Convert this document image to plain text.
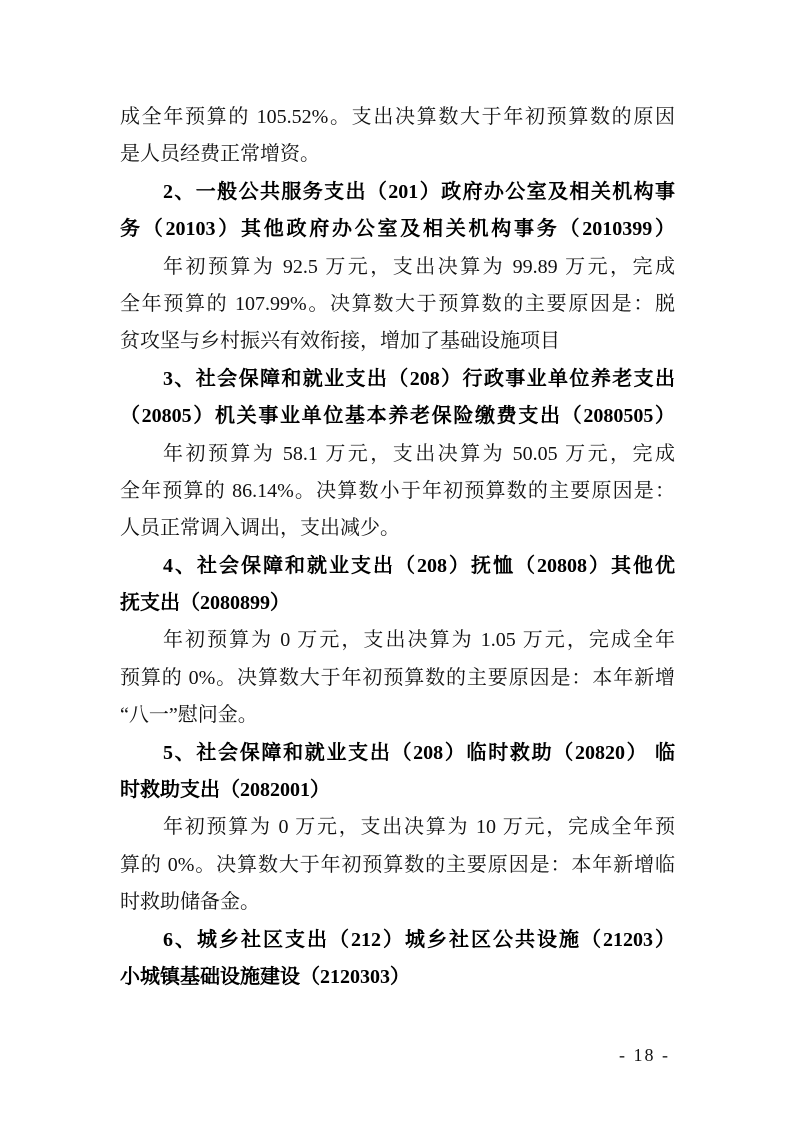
成全年预算的 105.52%。支出决算数大于年初预算数的原因
是人员经费正常增资。
2、一般公共服务支出（201）政府办公室及相关机构事
务（20103）其他政府办公室及相关机构事务（2010399）
年初预算为 92.5 万元，支出决算为 99.89 万元，完成
全年预算的 107.99%。决算数大于预算数的主要原因是：脱
贫攻坚与乡村振兴有效衔接，增加了基础设施项目
3、社会保障和就业支出（208）行政事业单位养老支出
（20805）机关事业单位基本养老保险缴费支出（2080505）
年初预算为 58.1 万元，支出决算为 50.05 万元，完成
全年预算的 86.14%。决算数小于年初预算数的主要原因是：
人员正常调入调出，支出减少。
4、社会保障和就业支出（208）抚恤（20808）其他优
抚支出（2080899）
年初预算为 0 万元，支出决算为 1.05 万元，完成全年
预算的 0%。决算数大于年初预算数的主要原因是：本年新增
“八一”慰问金。
5、社会保障和就业支出（208）临时救助（20820） 临
时救助支出（2082001）
年初预算为 0 万元，支出决算为 10 万元，完成全年预
算的 0%。决算数大于年初预算数的主要原因是：本年新增临
时救助储备金。
6、城乡社区支出（212）城乡社区公共设施（21203）
小城镇基础设施建设（2120303）
- 18 -
